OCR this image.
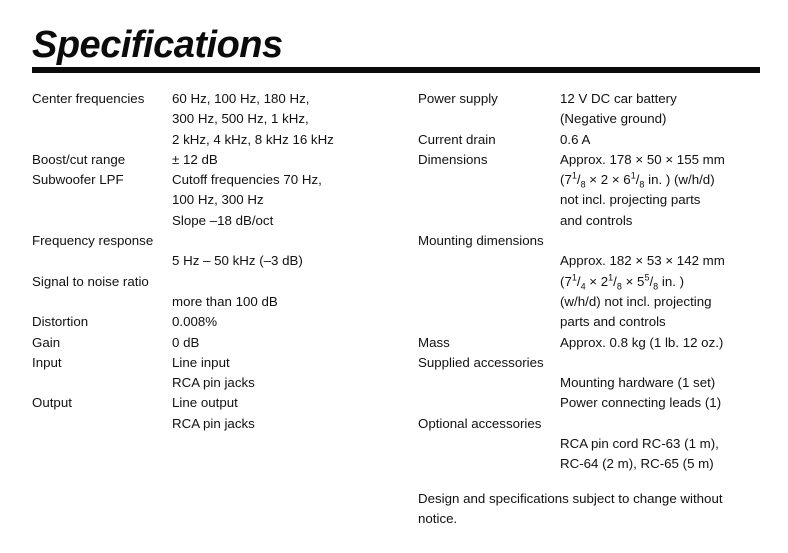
Specifications
Center frequencies	60 Hz, 100 Hz, 180 Hz,
300 Hz, 500 Hz, 1 kHz,
2 kHz, 4 kHz, 8 kHz 16 kHz
Boost/cut range	± 12 dB
Subwoofer LPF	Cutoff frequencies 70 Hz,
100 Hz, 300 Hz
Slope –18 dB/oct
Frequency response
5 Hz – 50 kHz (–3 dB)
Signal to noise ratio
more than 100 dB
Distortion	0.008%
Gain	0 dB
Input	Line input
RCA pin jacks
Output	Line output
RCA pin jacks
Power supply	12 V DC car battery
(Negative ground)
Current drain	0.6 A
Dimensions	Approx. 178 × 50 × 155 mm
($7^1/_8 \times 2 \times 6^1/_8$ in. ) (w/h/d)
not incl. projecting parts
and controls
Mounting dimensions
Approx. 182 × 53 × 142 mm
($7^1/_4 \times 2^1/_8 \times 5^5/_8$ in. )
(w/h/d) not incl. projecting
parts and controls
Mass	Approx. 0.8 kg (1 lb. 12 oz.)
Supplied accessories
Mounting hardware (1 set)
Power connecting leads (1)
Optional accessories
RCA pin cord RC-63 (1 m),
RC-64 (2 m), RC-65 (5 m)
Design and specifications subject to change without notice.
